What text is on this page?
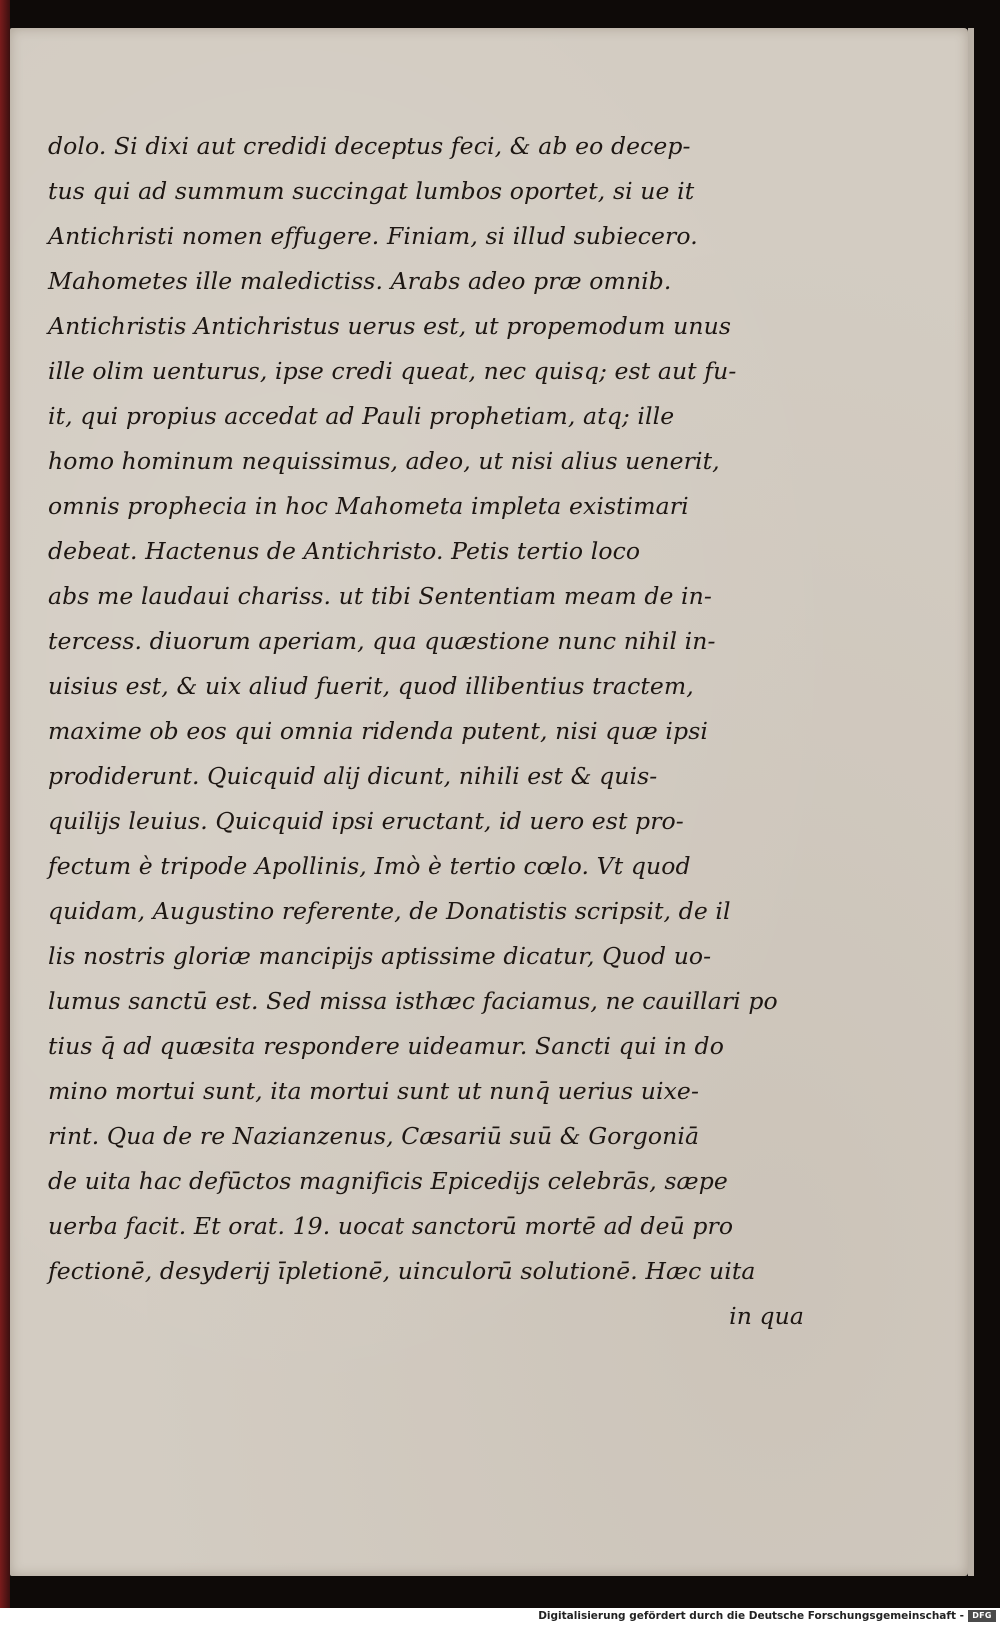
dolo. Si dixi aut credidi deceptus feci, & ab eo decep-
tus qui ad summum succingat lumbos oportet, si ue it
Antichristi nomen effugere. Finiam, si illud subiecero.
Mahometes ille maledictiss. Arabs adeo præ omnib.
Antichristis Antichristus uerus est, ut propemodum unus
ille olim uenturus, ipse credi queat, nec quisq; est aut fu-
it, qui propius accedat ad Pauli prophetiam, atq; ille
homo hominum nequissimus, adeo, ut nisi alius uenerit,
omnis prophecia in hoc Mahometa impleta existimari
debeat. Hactenus de Antichristo. Petis tertio loco
abs me laudaui chariss. ut tibi Sententiam meam de in-
tercess. diuorum aperiam, qua quæstione nunc nihil in-
uisius est, & uix aliud fuerit, quod illibentius tractem,
maxime ob eos qui omnia ridenda putent, nisi quæ ipsi
prodiderunt. Quicquid alij dicunt, nihili est & quis-
quilijs leuius. Quicquid ipsi eructant, id uero est pro-
fectum è tripode Apollinis, Imò è tertio cœlo. Vt quod
quidam, Augustino referente, de Donatistis scripsit, de il
lis nostris gloriæ mancipijs aptissime dicatur, Quod uo-
lumus sanctū est. Sed missa isthæc faciamus, ne cauillari po
tius q̄ ad quæsita respondere uideamur. Sancti qui in do
mino mortui sunt, ita mortui sunt ut nunq̄ uerius uixe-
rint. Qua de re Nazianzenus, Cæsariū suū & Gorgoniā
de uita hac defūctos magnificis Epicedijs celebrās, sæpe
uerba facit. Et orat. 19. uocat sanctorū mortē ad deū pro
fectionē, desyderij īpletionē, uinculorū solutionē. Hæc uita
in qua
Digitalisierung gefördert durch die Deutsche Forschungsgemeinschaft -	DFG
